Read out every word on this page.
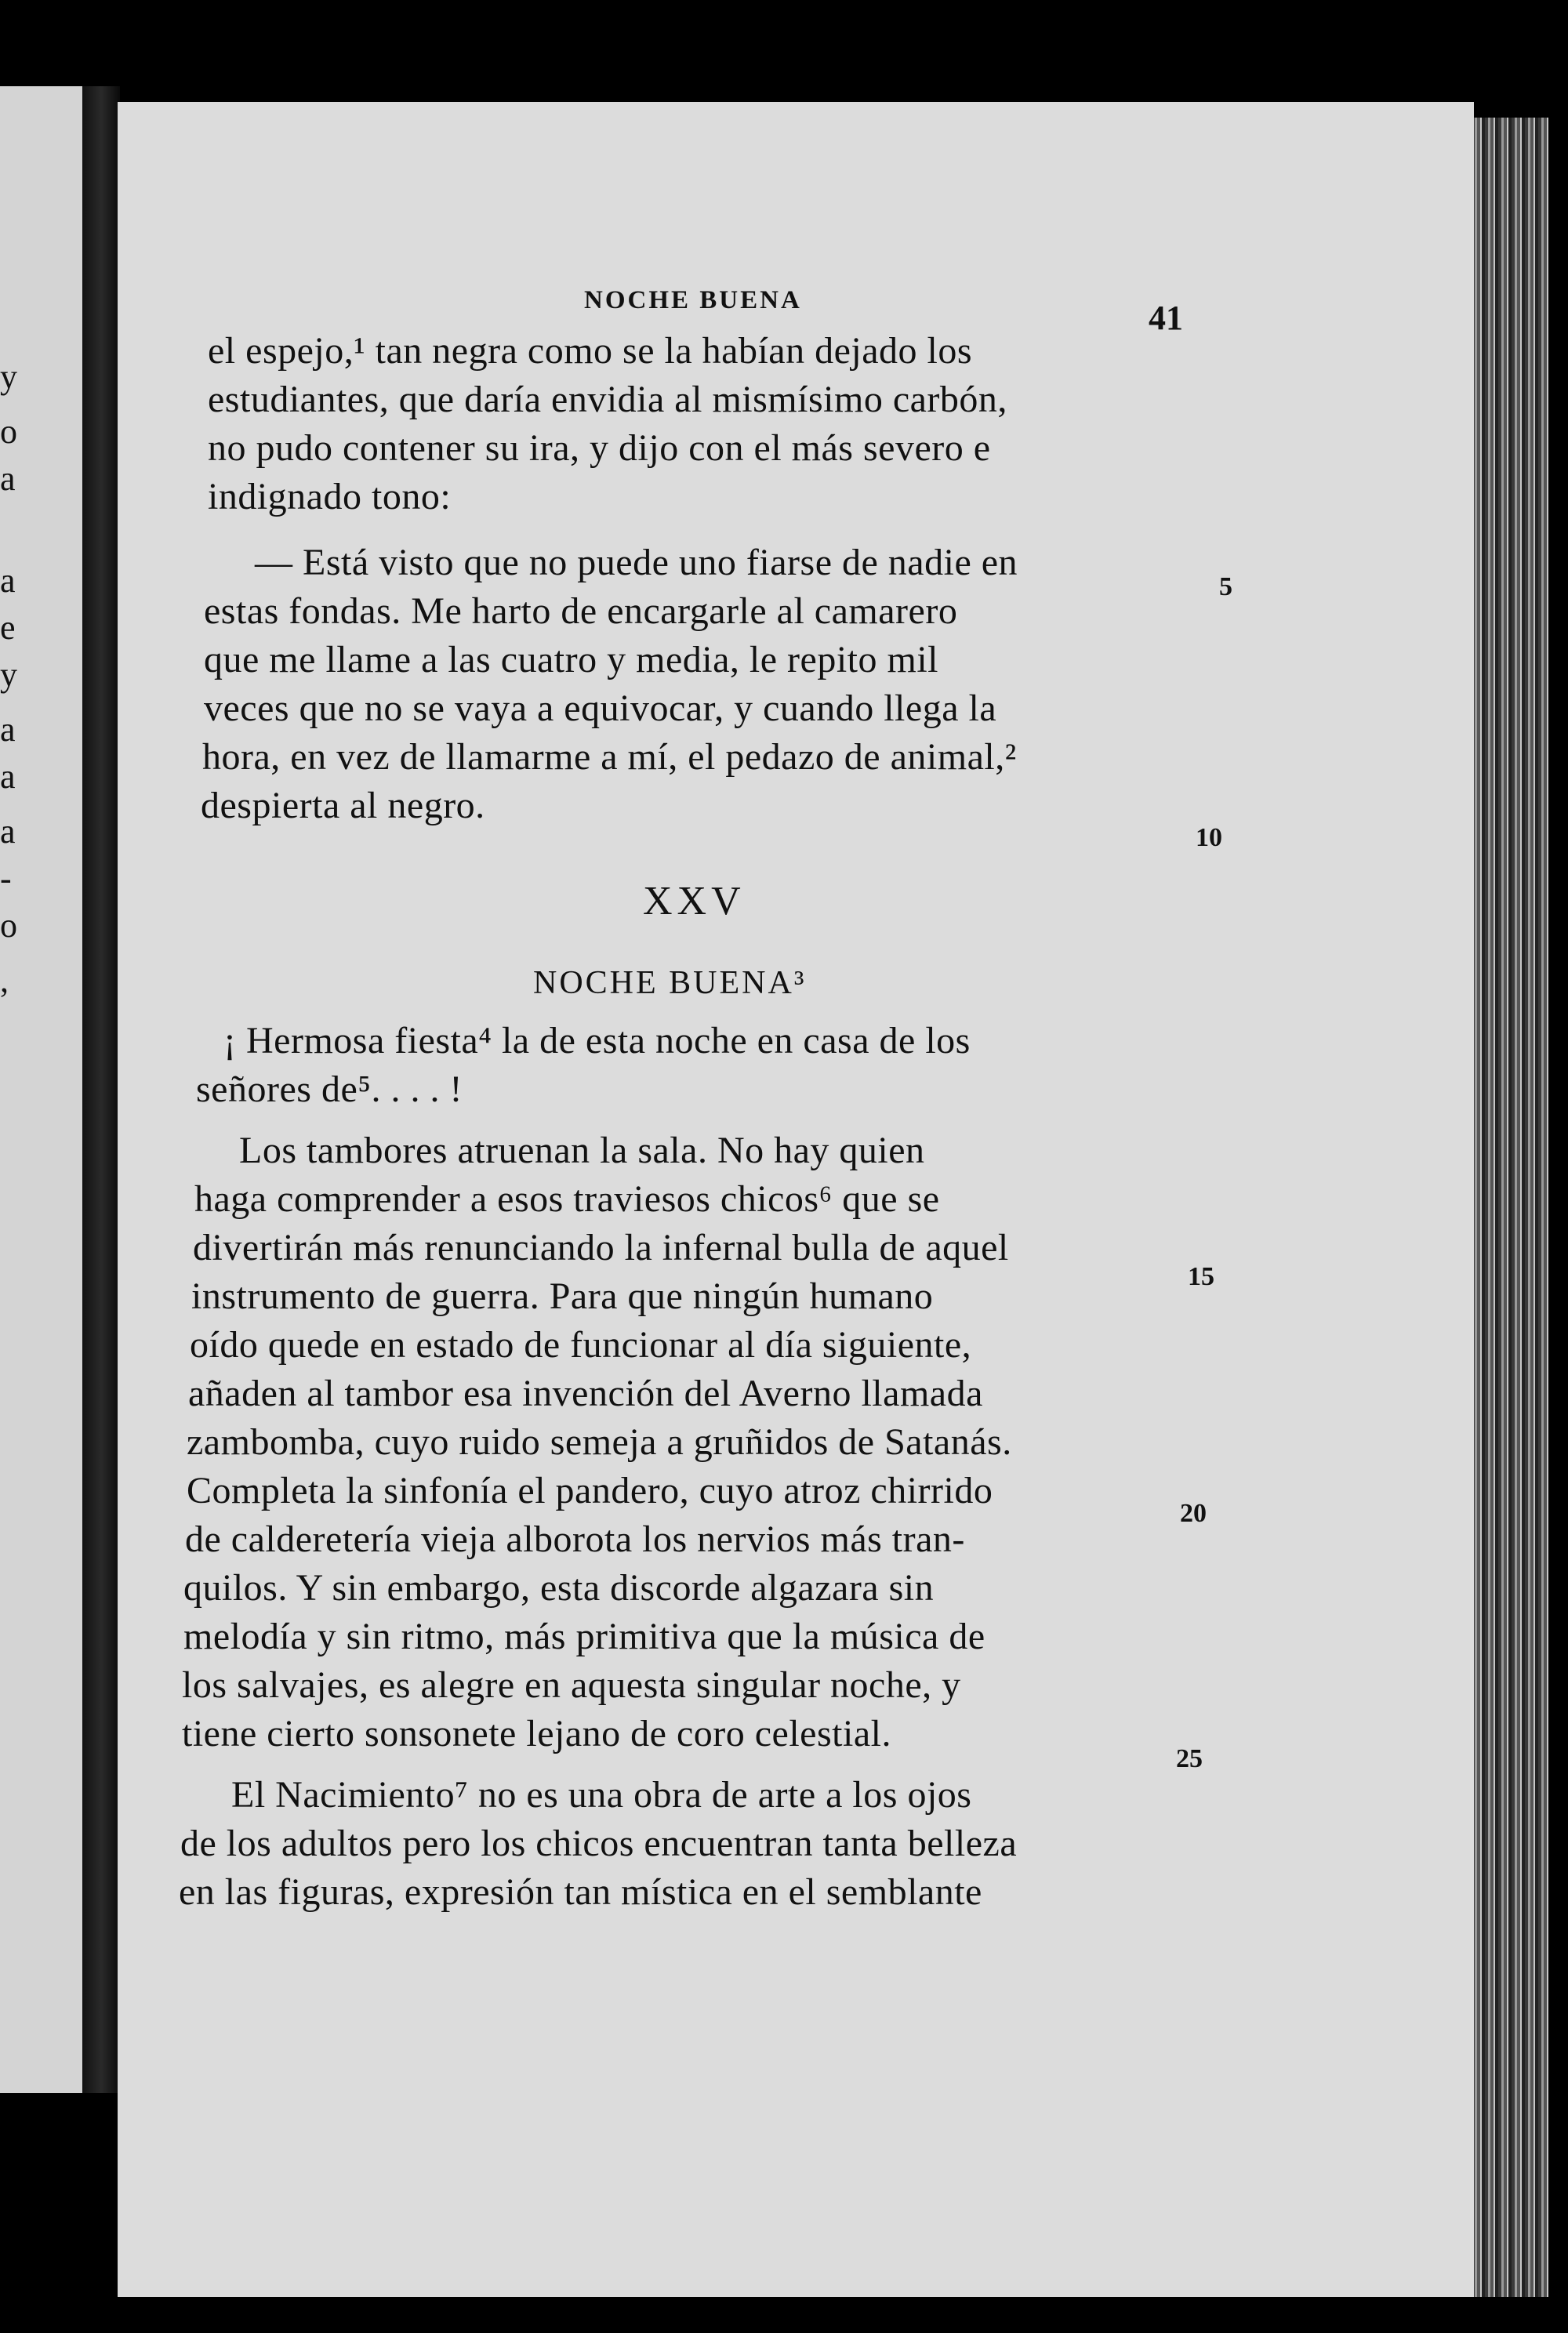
y
o
a
a
e
y
a
a
a
-
o
,
NOCHE BUENA	41
el espejo,¹ tan negra como se la habían dejado los
estudiantes, que daría envidia al mismísimo carbón,
no pudo contener su ira, y dijo con el más severo e
indignado tono:
— Está visto que no puede uno fiarse de nadie en
estas fondas. Me harto de encargarle al camarero
que me llame a las cuatro y media, le repito mil
veces que no se vaya a equivocar, y cuando llega la
hora, en vez de llamarme a mí, el pedazo de animal,²
despierta al negro.
XXV
NOCHE BUENA³
¡ Hermosa fiesta⁴ la de esta noche en casa de los
señores de⁵. . . . !
Los tambores atruenan la sala. No hay quien
haga comprender a esos traviesos chicos⁶ que se
divertirán más renunciando la infernal bulla de aquel
instrumento de guerra. Para que ningún humano
oído quede en estado de funcionar al día siguiente,
añaden al tambor esa invención del Averno llamada
zambomba, cuyo ruido semeja a gruñidos de Satanás.
Completa la sinfonía el pandero, cuyo atroz chirrido
de calderetería vieja alborota los nervios más tran-
quilos. Y sin embargo, esta discorde algazara sin
melodía y sin ritmo, más primitiva que la música de
los salvajes, es alegre en aquesta singular noche, y
tiene cierto sonsonete lejano de coro celestial.
El Nacimiento⁷ no es una obra de arte a los ojos
de los adultos pero los chicos encuentran tanta belleza
en las figuras, expresión tan mística en el semblante
5
10
15
20
25
